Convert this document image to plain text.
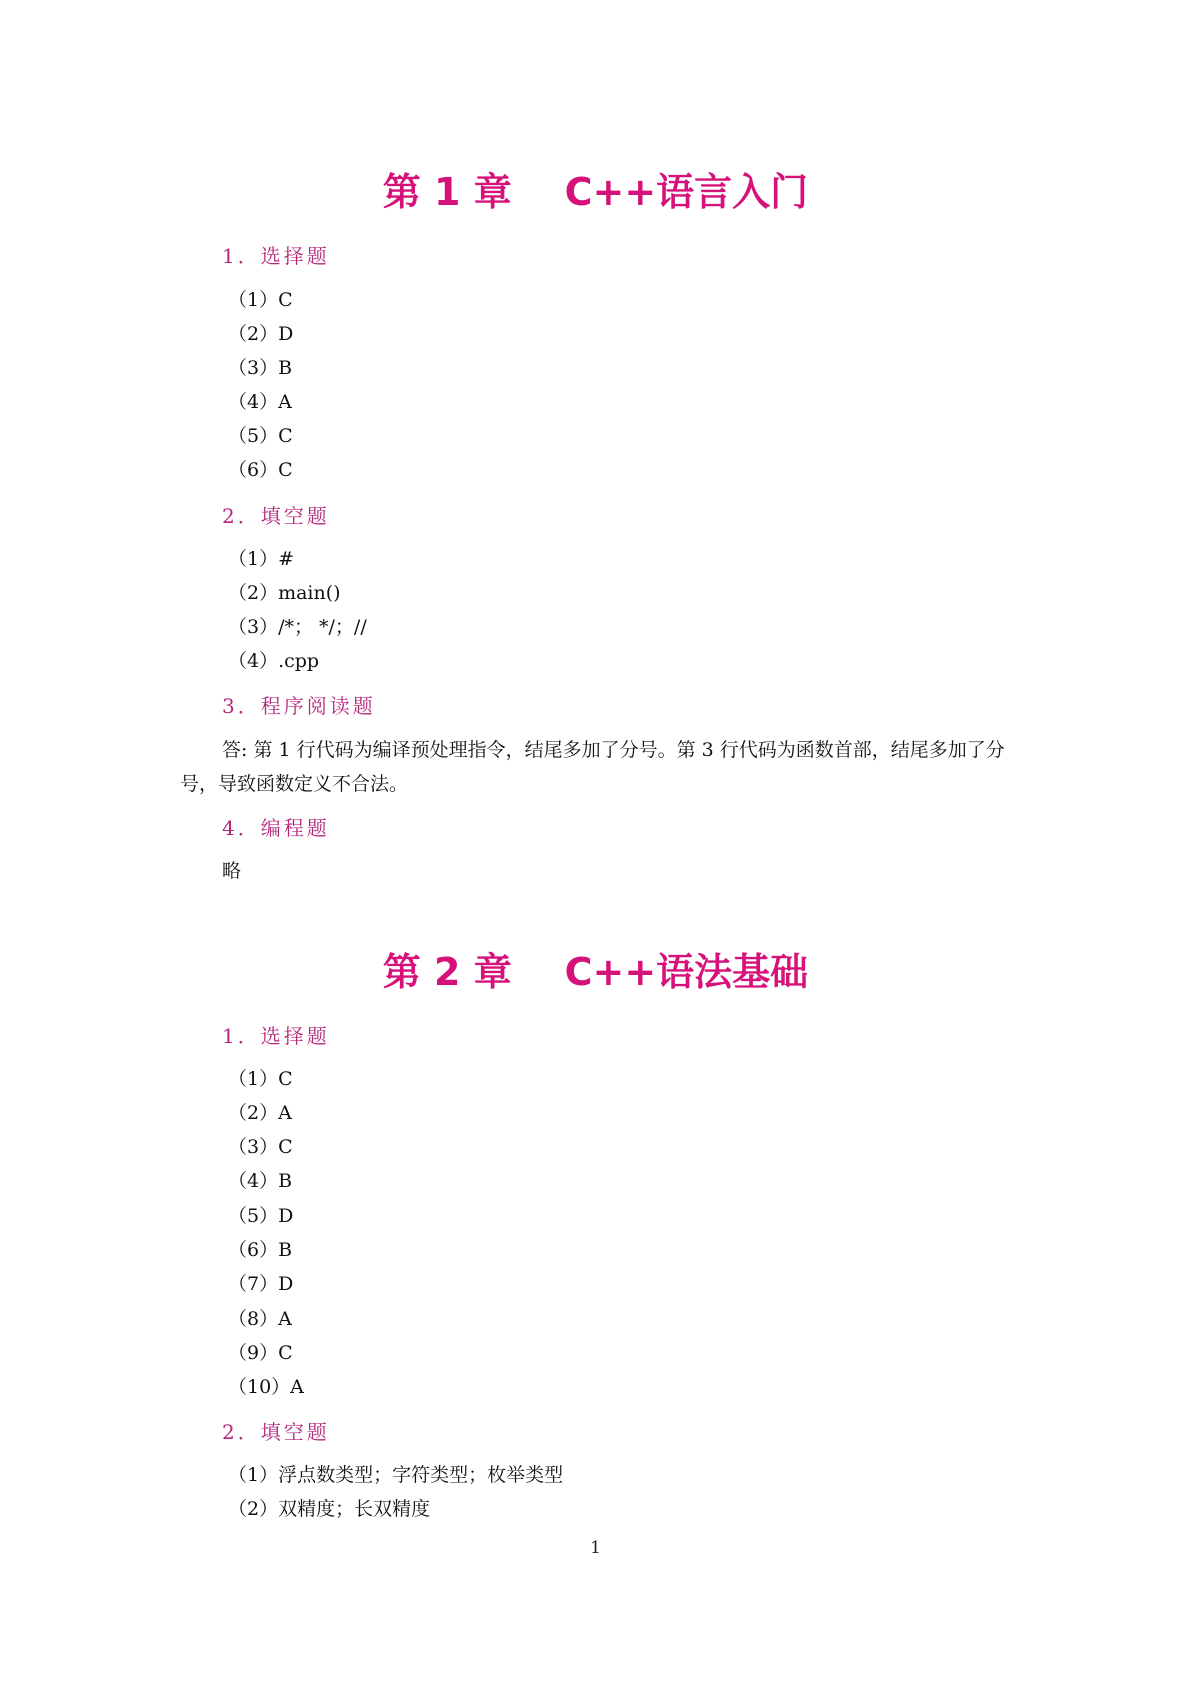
第 1 章    C++语言入门
1．选择题
（1）C
（2）D
（3）B
（4）A
（5）C
（6）C
2．填空题
（1）#
（2）main()
（3）/*； */；//
（4）.cpp
3．程序阅读题
答: 第 1 行代码为编译预处理指令，结尾多加了分号。第 3 行代码为函数首部，结尾多加了分号，导致函数定义不合法。
4．编程题
略
第 2 章    C++语法基础
1．选择题
（1）C
（2）A
（3）C
（4）B
（5）D
（6）B
（7）D
（8）A
（9）C
（10）A
2．填空题
（1）浮点数类型；字符类型；枚举类型
（2）双精度；长双精度
1
